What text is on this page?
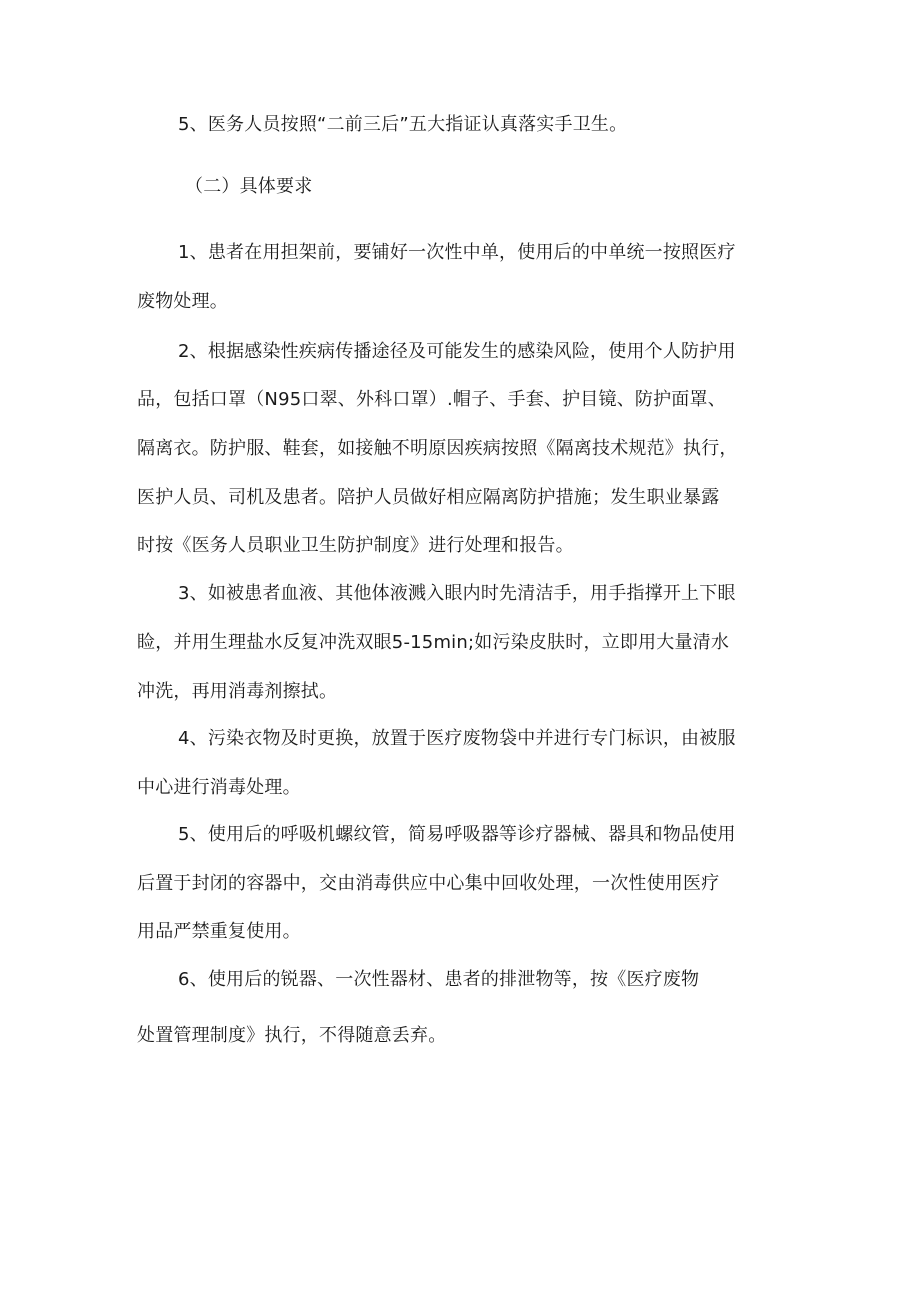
5、医务人员按照“二前三后”五大指证认真落实手卫生。
（二）具体要求
1、患者在用担架前，要铺好一次性中单，使用后的中单统一按照医疗
废物处理。
2、根据感染性疾病传播途径及可能发生的感染风险，使用个人防护用
品，包括口罩（N95口翠、外科口罩）.帽子、手套、护目镜、防护面罩、
隔离衣。防护服、鞋套，如接触不明原因疾病按照《隔离技术规范》执行，
医护人员、司机及患者。陪护人员做好相应隔离防护措施；发生职业暴露
时按《医务人员职业卫生防护制度》进行处理和报告。
3、如被患者血液、其他体液溅入眼内时先清洁手，用手指撑开上下眼
睑，并用生理盐水反复冲洗双眼5-15min;如污染皮肤时，立即用大量清水
冲洗，再用消毒剂擦拭。
4、污染衣物及时更换，放置于医疗废物袋中并进行专门标识，由被服
中心进行消毒处理。
5、使用后的呼吸机螺纹管，简易呼吸器等诊疗器械、器具和物品使用
后置于封闭的容器中，交由消毒供应中心集中回收处理，一次性使用医疗
用品严禁重复使用。
6、使用后的锐器、一次性器材、患者的排泄物等，按《医疗废物
处置管理制度》执行，不得随意丢弃。
